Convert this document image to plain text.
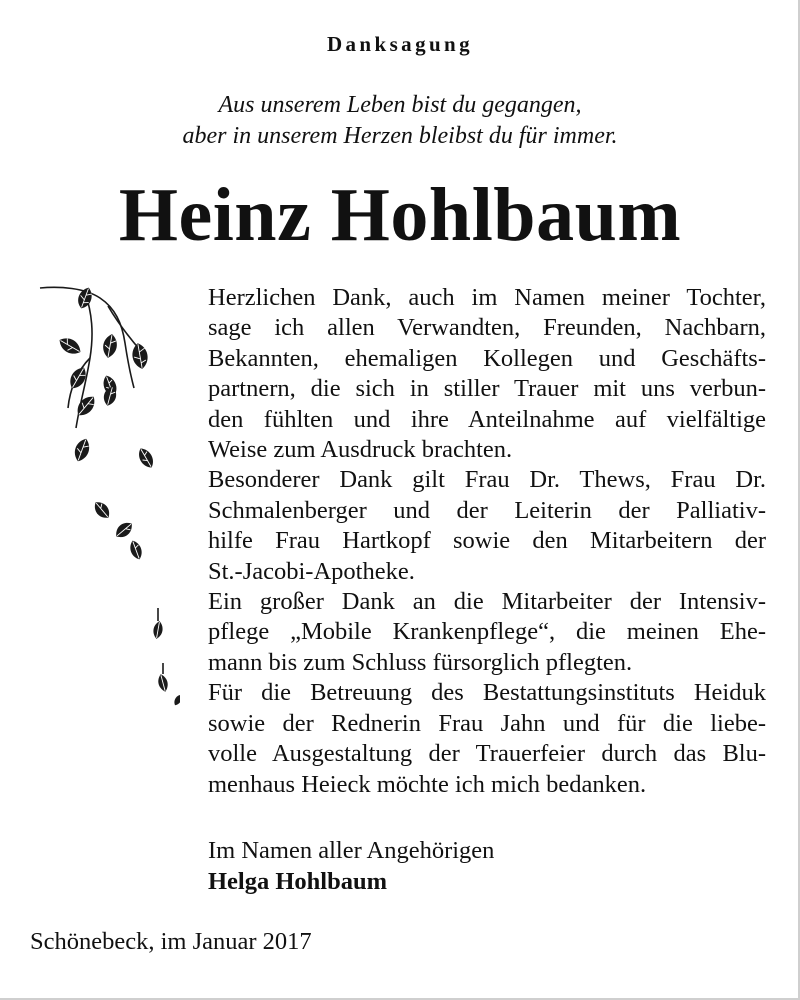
Danksagung
Aus unserem Leben bist du gegangen,
aber in unserem Herzen bleibst du für immer.
Heinz Hohlbaum
Herzlichen Dank, auch im Namen meiner Tochter,
sage ich allen Verwandten, Freunden, Nachbarn,
Bekannten, ehemaligen Kollegen und Geschäfts-
partnern, die sich in stiller Trauer mit uns verbun-
den fühlten und ihre Anteilnahme auf vielfältige
Weise zum Ausdruck brachten.
Besonderer Dank gilt Frau Dr. Thews, Frau Dr.
Schmalenberger und der Leiterin der Palliativ-
hilfe Frau Hartkopf sowie den Mitarbeitern der
St.-Jacobi-Apotheke.
Ein großer Dank an die Mitarbeiter der Intensiv-
pflege „Mobile Krankenpflege“, die meinen Ehe-
mann bis zum Schluss fürsorglich pflegten.
Für die Betreuung des Bestattungsinstituts Heiduk
sowie der Rednerin Frau Jahn und für die liebe-
volle Ausgestaltung der Trauerfeier durch das Blu-
menhaus Heieck möchte ich mich bedanken.
Im Namen aller Angehörigen
Helga Hohlbaum
Schönebeck, im Januar 2017
